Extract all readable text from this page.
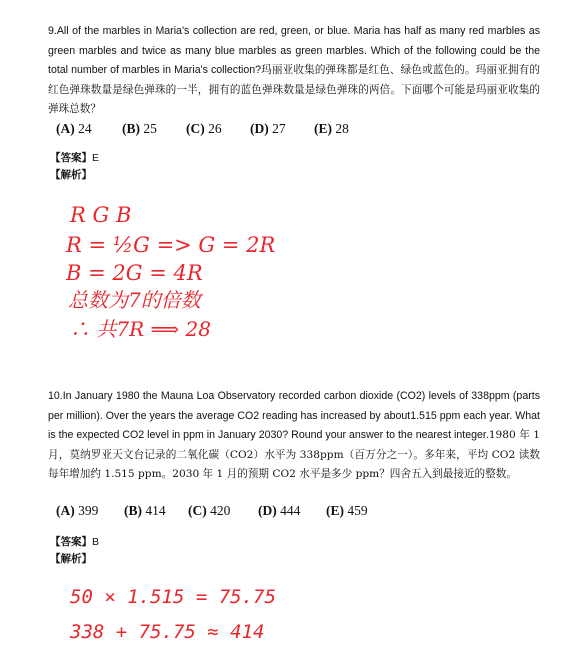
9.All of the marbles in Maria's collection are red, green, or blue. Maria has half as many red marbles as green marbles and twice as many blue marbles as green marbles. Which of the following could be the total number of marbles in Maria's collection?玛丽亚收集的弹珠都是红色、绿色或蓝色的。玛丽亚拥有的红色弹珠数量是绿色弹珠的一半，拥有的蓝色弹珠数量是绿色弹珠的两倍。下面哪个可能是玛丽亚收集的弹珠总数？
(A) 24	(B) 25	(C) 26	(D) 27	(E) 28
【答案】E
【解析】
R G B
R = ½G => G = 2R
B = 2G = 4R
总数为7的倍数
∴ 共7R ⟹ 28
10.In January 1980 the Mauna Loa Observatory recorded carbon dioxide (CO2) levels of 338ppm (parts per million). Over the years the average CO2 reading has increased by about1.515 ppm each year. What is the expected CO2 level in ppm in January 2030? Round your answer to the nearest integer.1980 年 1 月，莫纳罗亚天文台记录的二氧化碳（CO2）水平为 338ppm（百万分之一）。多年来，平均 CO2 读数每年增加约 1.515 ppm。2030 年 1 月的预期 CO2 水平是多少 ppm？四舍五入到最接近的整数。
(A) 399	(B) 414	(C) 420	(D) 444	(E) 459
【答案】B
【解析】
50 × 1.515 = 75.75
338 + 75.75 ≈ 414
